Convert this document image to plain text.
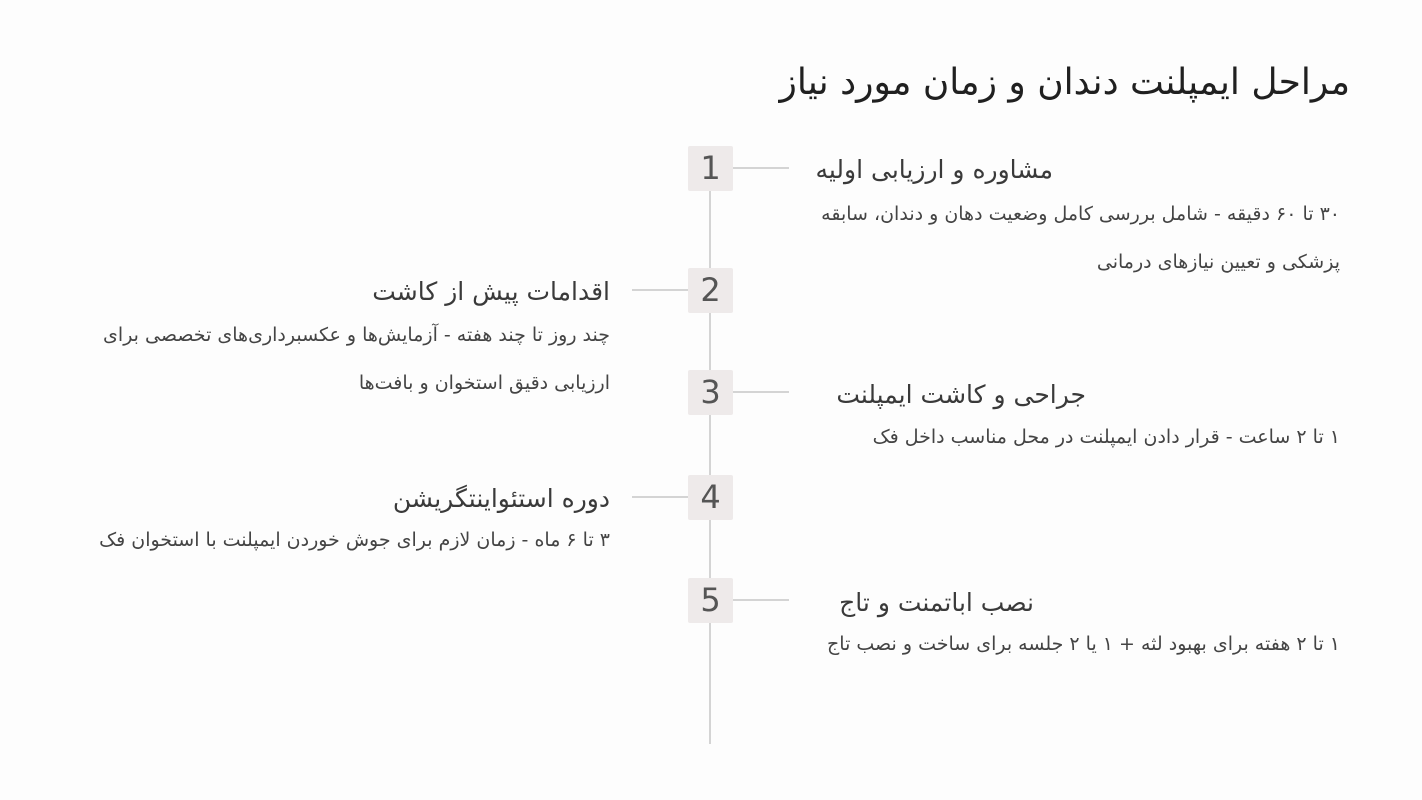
مراحل ایمپلنت دندان و زمان مورد نیاز
1	مشاوره و ارزیابی اولیه
۳۰ تا ۶۰ دقیقه - شامل بررسی کامل وضعیت دهان و دندان، سابقه پزشکی و تعیین نیازهای درمانی
2
اقدامات پیش از کاشت
چند روز تا چند هفته - آزمایش‌ها و عکسبرداری‌های تخصصی برای ارزیابی دقیق استخوان و بافت‌ها	3	جراحی و کاشت ایمپلنت
۱ تا ۲ ساعت - قرار دادن ایمپلنت در محل مناسب داخل فک
4
دوره استئواینتگریشن
۳ تا ۶ ماه - زمان لازم برای جوش خوردن ایمپلنت با استخوان فک
5	نصب اباتمنت و تاج
۱ تا ۲ هفته برای بهبود لثه + ۱ یا ۲ جلسه برای ساخت و نصب تاج
